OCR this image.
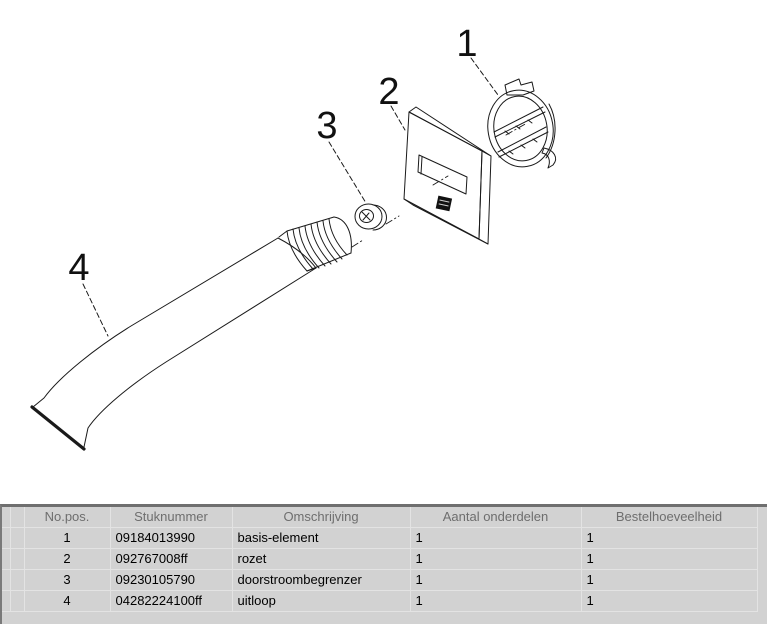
1
2
3
4
		No.pos.	Stuknummer	Omschrijving	Aantal onderdelen	Bestelhoeveelheid
		1	09184013990	basis-element	1	1
		2	092767008ff	rozet	1	1
		3	09230105790	doorstroombegrenzer	1	1
		4	04282224100ff	uitloop	1	1
